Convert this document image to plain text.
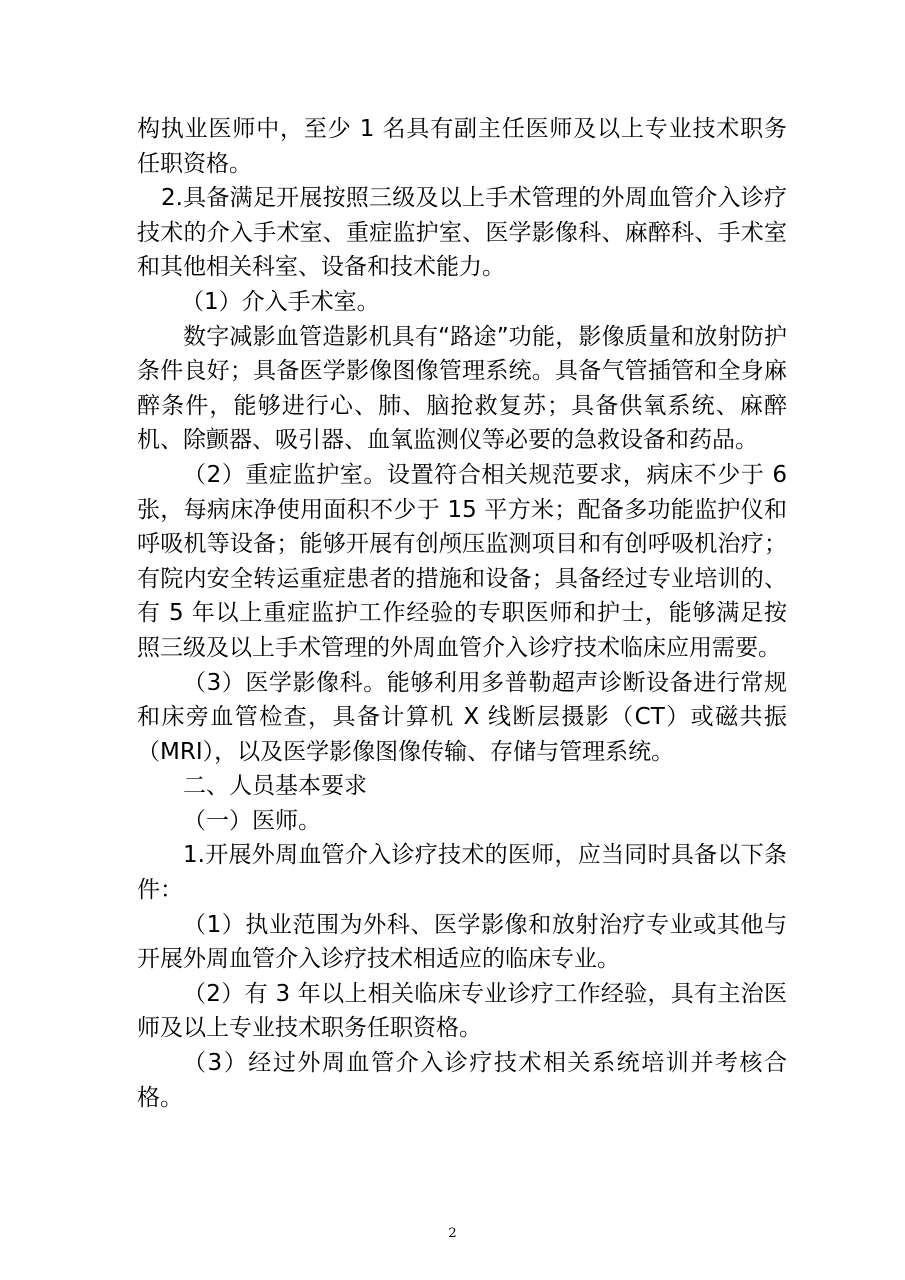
构执业医师中，至少 1 名具有副主任医师及以上专业技术职务任职资格。

2.具备满足开展按照三级及以上手术管理的外周血管介入诊疗技术的介入手术室、重症监护室、医学影像科、麻醉科、手术室和其他相关科室、设备和技术能力。

（1）介入手术室。

数字减影血管造影机具有“路途”功能，影像质量和放射防护条件良好；具备医学影像图像管理系统。具备气管插管和全身麻醉条件，能够进行心、肺、脑抢救复苏；具备供氧系统、麻醉机、除颤器、吸引器、血氧监测仪等必要的急救设备和药品。

（2）重症监护室。设置符合相关规范要求，病床不少于 6 张，每病床净使用面积不少于 15 平方米；配备多功能监护仪和呼吸机等设备；能够开展有创颅压监测项目和有创呼吸机治疗；有院内安全转运重症患者的措施和设备；具备经过专业培训的、有 5 年以上重症监护工作经验的专职医师和护士，能够满足按照三级及以上手术管理的外周血管介入诊疗技术临床应用需要。

（3）医学影像科。能够利用多普勒超声诊断设备进行常规和床旁血管检查，具备计算机 X 线断层摄影（CT）或磁共振（MRI），以及医学影像图像传输、存储与管理系统。

二、人员基本要求

（一）医师。

1.开展外周血管介入诊疗技术的医师，应当同时具备以下条件：

（1）执业范围为外科、医学影像和放射治疗专业或其他与开展外周血管介入诊疗技术相适应的临床专业。

（2）有 3 年以上相关临床专业诊疗工作经验，具有主治医师及以上专业技术职务任职资格。

（3）经过外周血管介入诊疗技术相关系统培训并考核合格。

2
